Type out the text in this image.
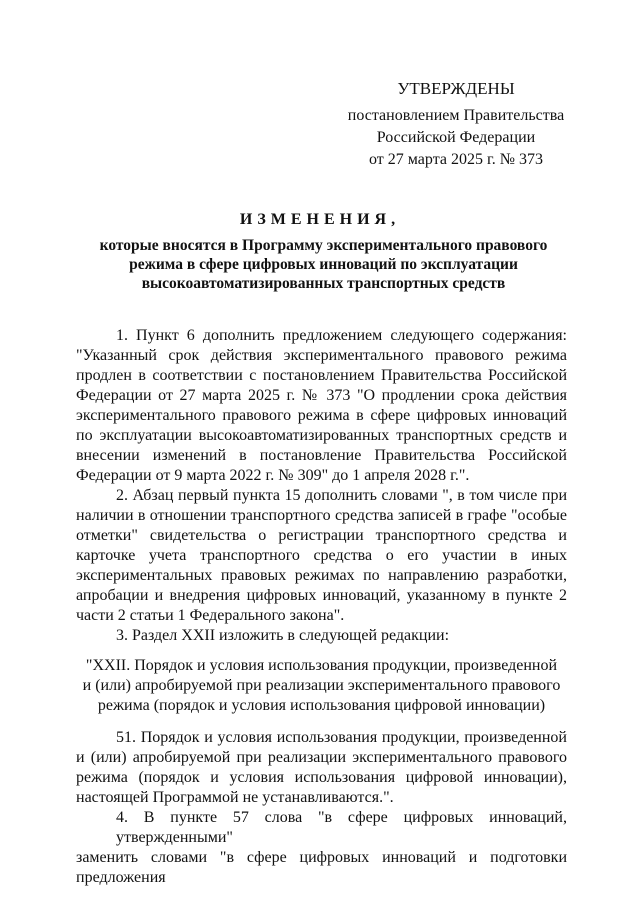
УТВЕРЖДЕНЫ
постановлением Правительства
Российской Федерации
от 27 марта 2025 г. № 373
ИЗМЕНЕНИЯ,
которые вносятся в Программу экспериментального правового режима в сфере цифровых инноваций по эксплуатации высокоавтоматизированных транспортных средств

1. Пункт 6 дополнить предложением следующего содержания: "Указанный срок действия экспериментального правового режима продлен в соответствии с постановлением Правительства Российской Федерации от 27 марта 2025 г. № 373 "О продлении срока действия экспериментального правового режима в сфере цифровых инноваций по эксплуатации высокоавтоматизированных транспортных средств и внесении изменений в постановление Правительства Российской Федерации от 9 марта 2022 г. № 309" до 1 апреля 2028 г.".

2. Абзац первый пункта 15 дополнить словами ", в том числе при наличии в отношении транспортного средства записей в графе "особые отметки" свидетельства о регистрации транспортного средства и карточке учета транспортного средства о его участии в иных экспериментальных правовых режимах по направлению разработки, апробации и внедрения цифровых инноваций, указанному в пункте 2 части 2 статьи 1 Федерального закона".

3. Раздел XXII изложить в следующей редакции:

"XXII. Порядок и условия использования продукции, произведенной и (или) апробируемой при реализации экспериментального правового режима (порядок и условия использования цифровой инновации)

51. Порядок и условия использования продукции, произведенной и (или) апробируемой при реализации экспериментального правового режима (порядок и условия использования цифровой инновации), настоящей Программой не устанавливаются.".

4. В пункте 57 слова "в сфере цифровых инноваций, утвержденными"
заменить словами "в сфере цифровых инноваций и подготовки предложения
